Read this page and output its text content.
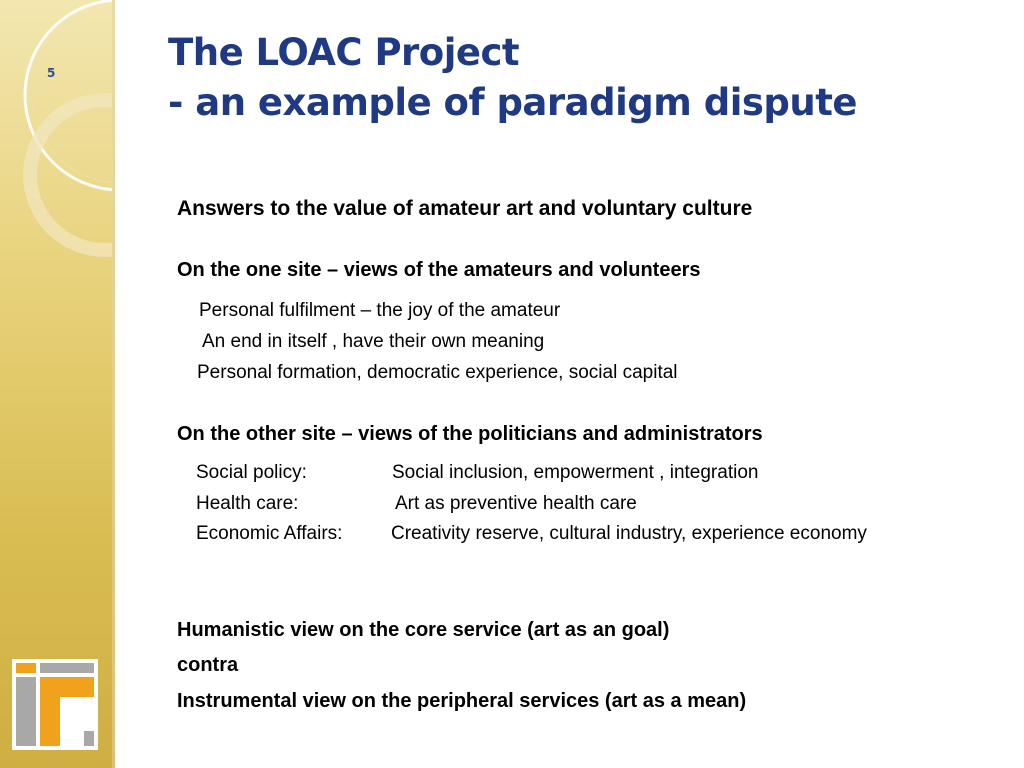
5	The LOAC Project
- an example of paradigm dispute
Answers to the value of amateur art and voluntary culture
On the one site – views of the amateurs and volunteers
Personal fulfilment – the joy of the amateur
An end in itself , have their own meaning
Personal formation, democratic experience, social capital
On the other site – views of the politicians and administrators
Social policy:	Social inclusion, empowerment , integration
Health care:	Art as preventive health care
Economic Affairs:	Creativity reserve, cultural industry, experience economy
Humanistic view on the core service (art as an goal)
contra
Instrumental view on the peripheral services (art as a mean)
